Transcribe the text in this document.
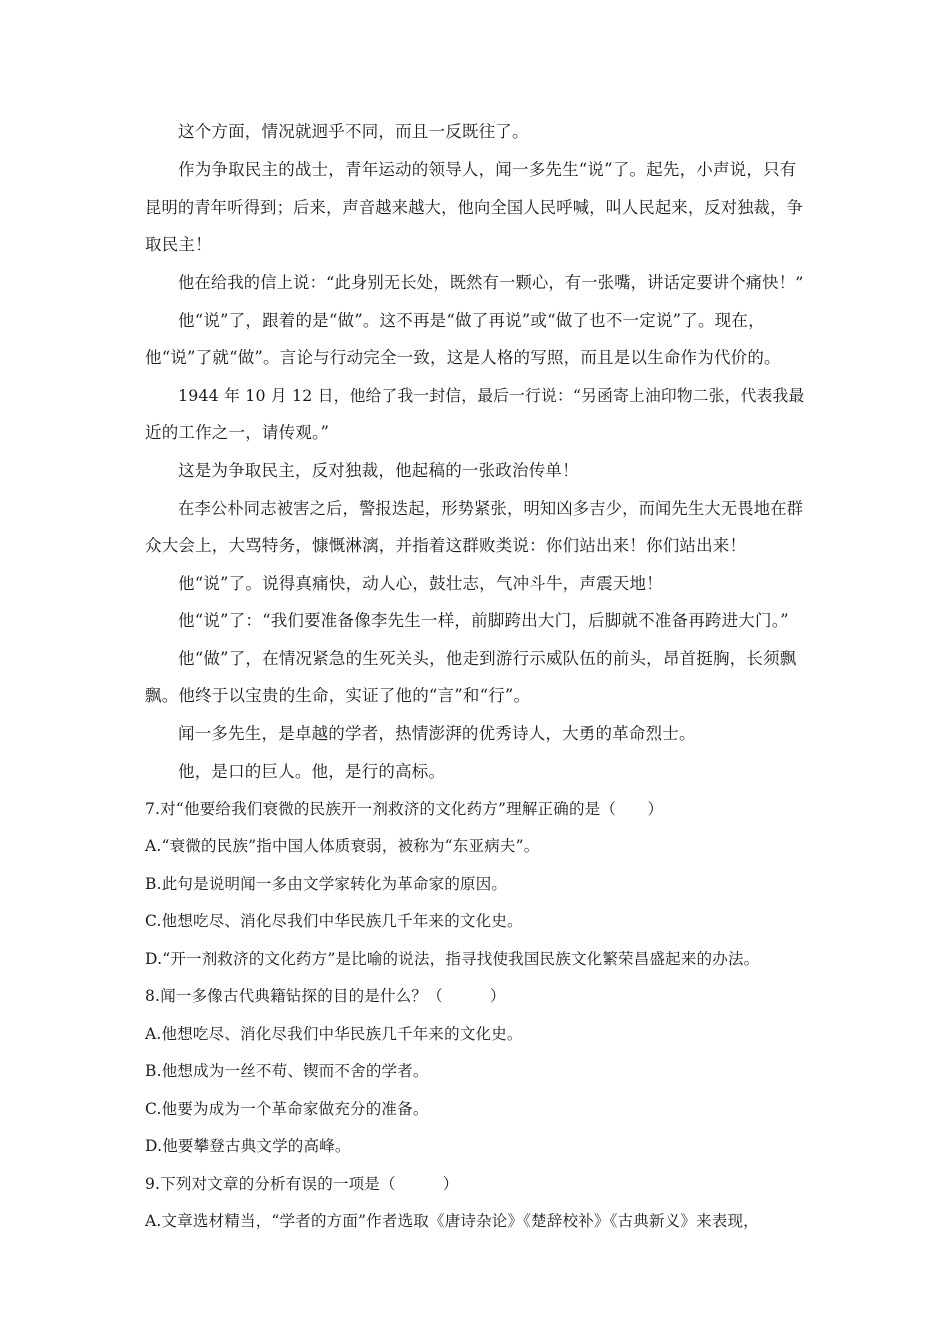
这个方面，情况就迥乎不同，而且一反既往了。
作为争取民主的战士，青年运动的领导人，闻一多先生“说”了。起先，小声说，只有
昆明的青年听得到；后来，声音越来越大，他向全国人民呼喊，叫人民起来，反对独裁，争
取民主！
他在给我的信上说：“此身别无长处，既然有一颗心，有一张嘴，讲话定要讲个痛快！”
他“说”了，跟着的是“做”。这不再是“做了再说”或“做了也不一定说”了。现在，
他“说”了就“做”。言论与行动完全一致，这是人格的写照，而且是以生命作为代价的。
1944 年 10 月 12 日，他给了我一封信，最后一行说：“另函寄上油印物二张，代表我最
近的工作之一，请传观。”
这是为争取民主，反对独裁，他起稿的一张政治传单！
在李公朴同志被害之后，警报迭起，形势紧张，明知凶多吉少，而闻先生大无畏地在群
众大会上，大骂特务，慷慨淋漓，并指着这群败类说：你们站出来！你们站出来！
他“说”了。说得真痛快，动人心，鼓壮志，气冲斗牛，声震天地！
他“说”了：“我们要准备像李先生一样，前脚跨出大门，后脚就不准备再跨进大门。”
他“做”了，在情况紧急的生死关头，他走到游行示威队伍的前头，昂首挺胸，长须飘
飘。他终于以宝贵的生命，实证了他的“言”和“行”。
闻一多先生，是卓越的学者，热情澎湃的优秀诗人，大勇的革命烈士。
他，是口的巨人。他，是行的高标。
7.对“他要给我们衰微的民族开一剂救济的文化药方”理解正确的是（　　）
A.“衰微的民族”指中国人体质衰弱，被称为“东亚病夫”。
B.此句是说明闻一多由文学家转化为革命家的原因。
C.他想吃尽、消化尽我们中华民族几千年来的文化史。
D.“开一剂救济的文化药方”是比喻的说法，指寻找使我国民族文化繁荣昌盛起来的办法。
8.闻一多像古代典籍钻探的目的是什么？（　　　）
A.他想吃尽、消化尽我们中华民族几千年来的文化史。
B.他想成为一丝不苟、锲而不舍的学者。
C.他要为成为一个革命家做充分的准备。
D.他要攀登古典文学的高峰。
9.下列对文章的分析有误的一项是（　　　）
A.文章选材精当，“学者的方面”作者选取《唐诗杂论》《楚辞校补》《古典新义》来表现，
